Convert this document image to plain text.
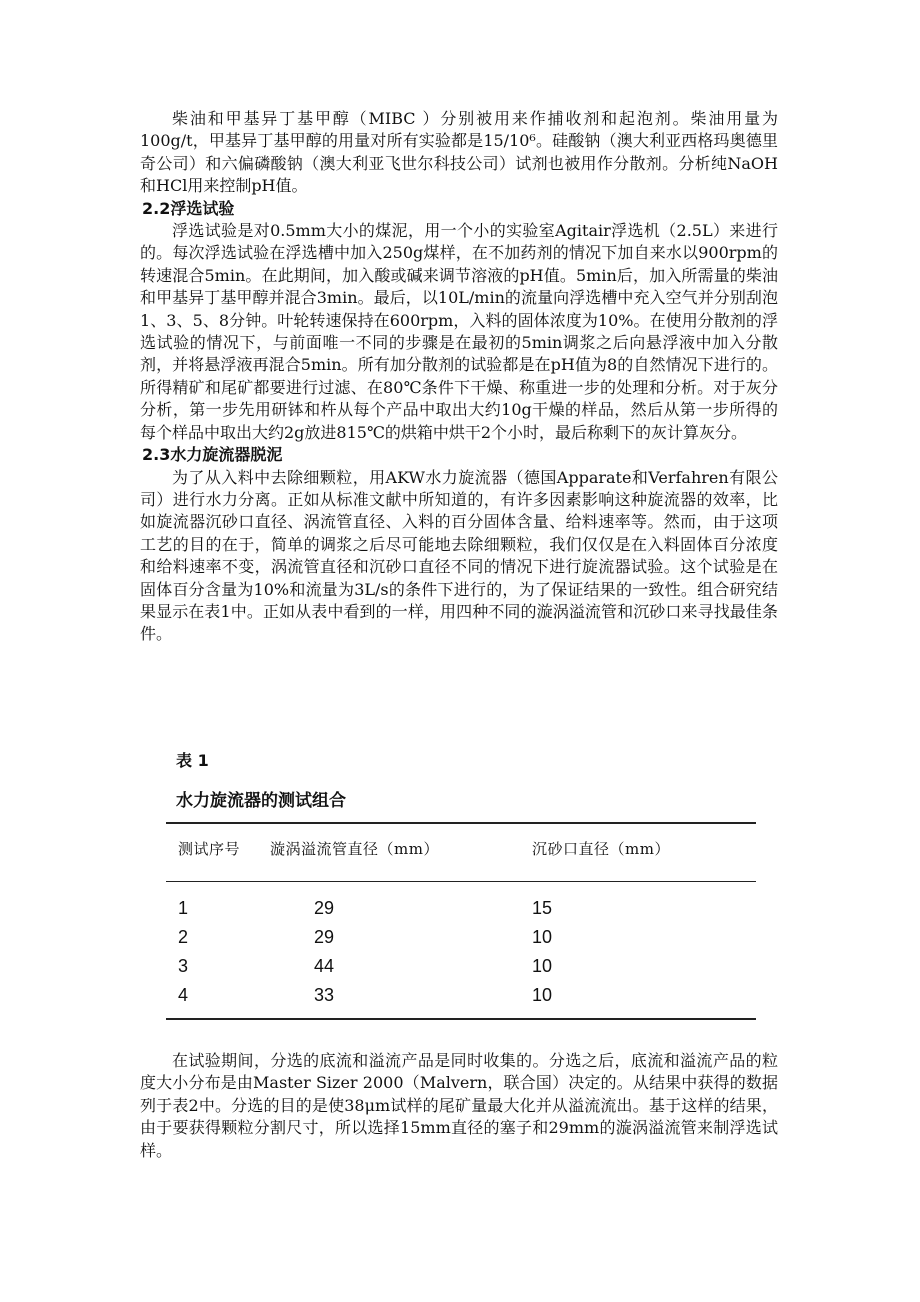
柴油和甲基异丁基甲醇（MIBC ）分别被用来作捕收剂和起泡剂。柴油用量为100g/t，甲基异丁基甲醇的用量对所有实验都是15/10⁶。硅酸钠（澳大利亚西格玛奥德里奇公司）和六偏磷酸钠（澳大利亚飞世尔科技公司）试剂也被用作分散剂。分析纯NaOH和HCl用来控制pH值。

2.2浮选试验

浮选试验是对0.5mm大小的煤泥，用一个小的实验室Agitair浮选机（2.5L）来进行的。每次浮选试验在浮选槽中加入250g煤样，在不加药剂的情况下加自来水以900rpm的转速混合5min。在此期间，加入酸或碱来调节溶液的pH值。5min后，加入所需量的柴油和甲基异丁基甲醇并混合3min。最后，以10L/min的流量向浮选槽中充入空气并分别刮泡1、3、5、8分钟。叶轮转速保持在600rpm，入料的固体浓度为10%。在使用分散剂的浮选试验的情况下，与前面唯一不同的步骤是在最初的5min调浆之后向悬浮液中加入分散剂，并将悬浮液再混合5min。所有加分散剂的试验都是在pH值为8的自然情况下进行的。所得精矿和尾矿都要进行过滤、在80℃条件下干燥、称重进一步的处理和分析。对于灰分分析，第一步先用研钵和杵从每个产品中取出大约10g干燥的样品，然后从第一步所得的每个样品中取出大约2g放进815℃的烘箱中烘干2个小时，最后称剩下的灰计算灰分。

2.3水力旋流器脱泥

为了从入料中去除细颗粒，用AKW水力旋流器（德国Apparate和Verfahren有限公司）进行水力分离。正如从标准文献中所知道的，有许多因素影响这种旋流器的效率，比如旋流器沉砂口直径、涡流管直径、入料的百分固体含量、给料速率等。然而，由于这项工艺的目的在于，简单的调浆之后尽可能地去除细颗粒，我们仅仅是在入料固体百分浓度和给料速率不变，涡流管直径和沉砂口直径不同的情况下进行旋流器试验。这个试验是在固体百分含量为10%和流量为3L/s的条件下进行的，为了保证结果的一致性。组合研究结果显示在表1中。正如从表中看到的一样，用四种不同的漩涡溢流管和沉砂口来寻找最佳条件。

表 1
水力旋流器的测试组合
测试序号	漩涡溢流管直径（mm）	沉砂口直径（mm）
1	29	15
2	29	10
3	44	10
4	33	10

在试验期间，分选的底流和溢流产品是同时收集的。分选之后，底流和溢流产品的粒度大小分布是由Master Sizer 2000（Malvern，联合国）决定的。从结果中获得的数据列于表2中。分选的目的是使38μm试样的尾矿量最大化并从溢流流出。基于这样的结果，由于要获得颗粒分割尺寸，所以选择15mm直径的塞子和29mm的漩涡溢流管来制浮选试样。
